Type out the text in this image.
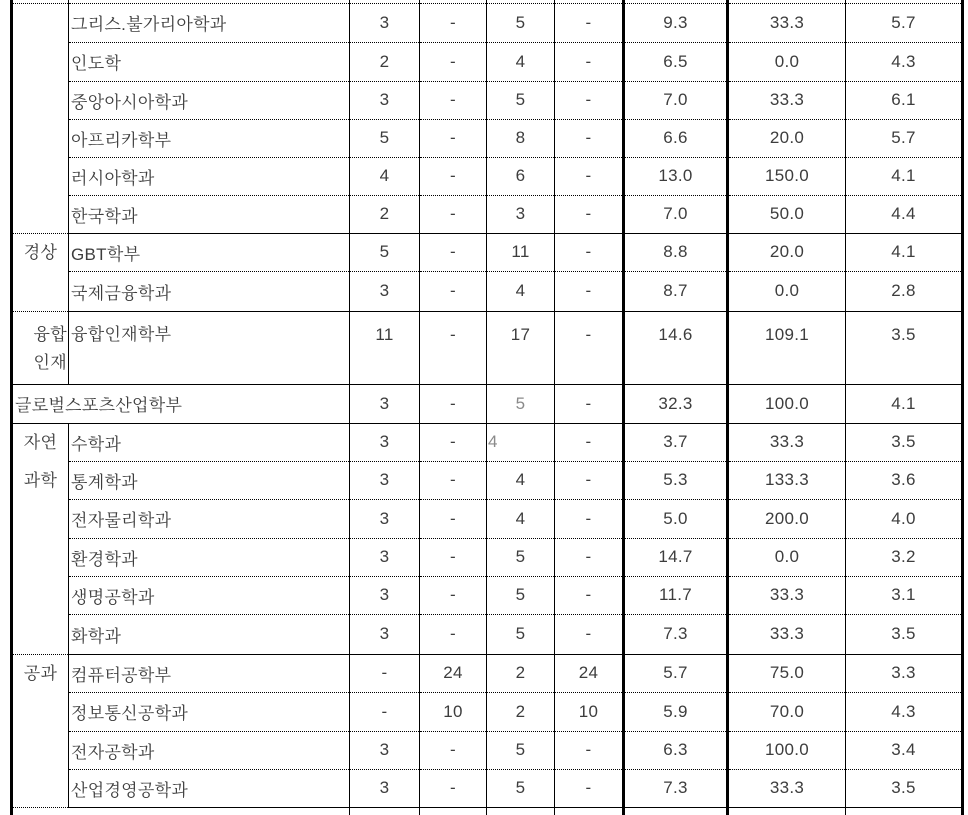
	그리스.불가리아학과	3	-	5	-	9.3	33.3	5.7
	인도학	2	-	4	-	6.5	0.0	4.3
	중앙아시아학과	3	-	5	-	7.0	33.3	6.1
	아프리카학부	5	-	8	-	6.6	20.0	5.7
	러시아학과	4	-	6	-	13.0	150.0	4.1
	한국학과	2	-	3	-	7.0	50.0	4.4
경상	GBT학부	5	-	11	-	8.8	20.0	4.1
	국제금융학과	3	-	4	-	8.7	0.0	2.8

융합
인재	융합인재학부	11	-	17	-	14.6	109.1	3.5
글로벌스포츠산업학부		3	-	5	-	32.3	100.0	4.1

자연
과학	수학과	3	-	4	-	3.7	33.3	3.5
	통계학과	3	-	4	-	5.3	133.3	3.6
	전자물리학과	3	-	4	-	5.0	200.0	4.0
	환경학과	3	-	5	-	14.7	0.0	3.2
	생명공학과	3	-	5	-	11.7	33.3	3.1
	화학과	3	-	5	-	7.3	33.3	3.5
공과	컴퓨터공학부	-	24	2	24	5.7	75.0	3.3
	정보통신공학과	-	10	2	10	5.9	70.0	4.3
	전자공학과	3	-	5	-	6.3	100.0	3.4
	산업경영공학과	3	-	5	-	7.3	33.3	3.5
